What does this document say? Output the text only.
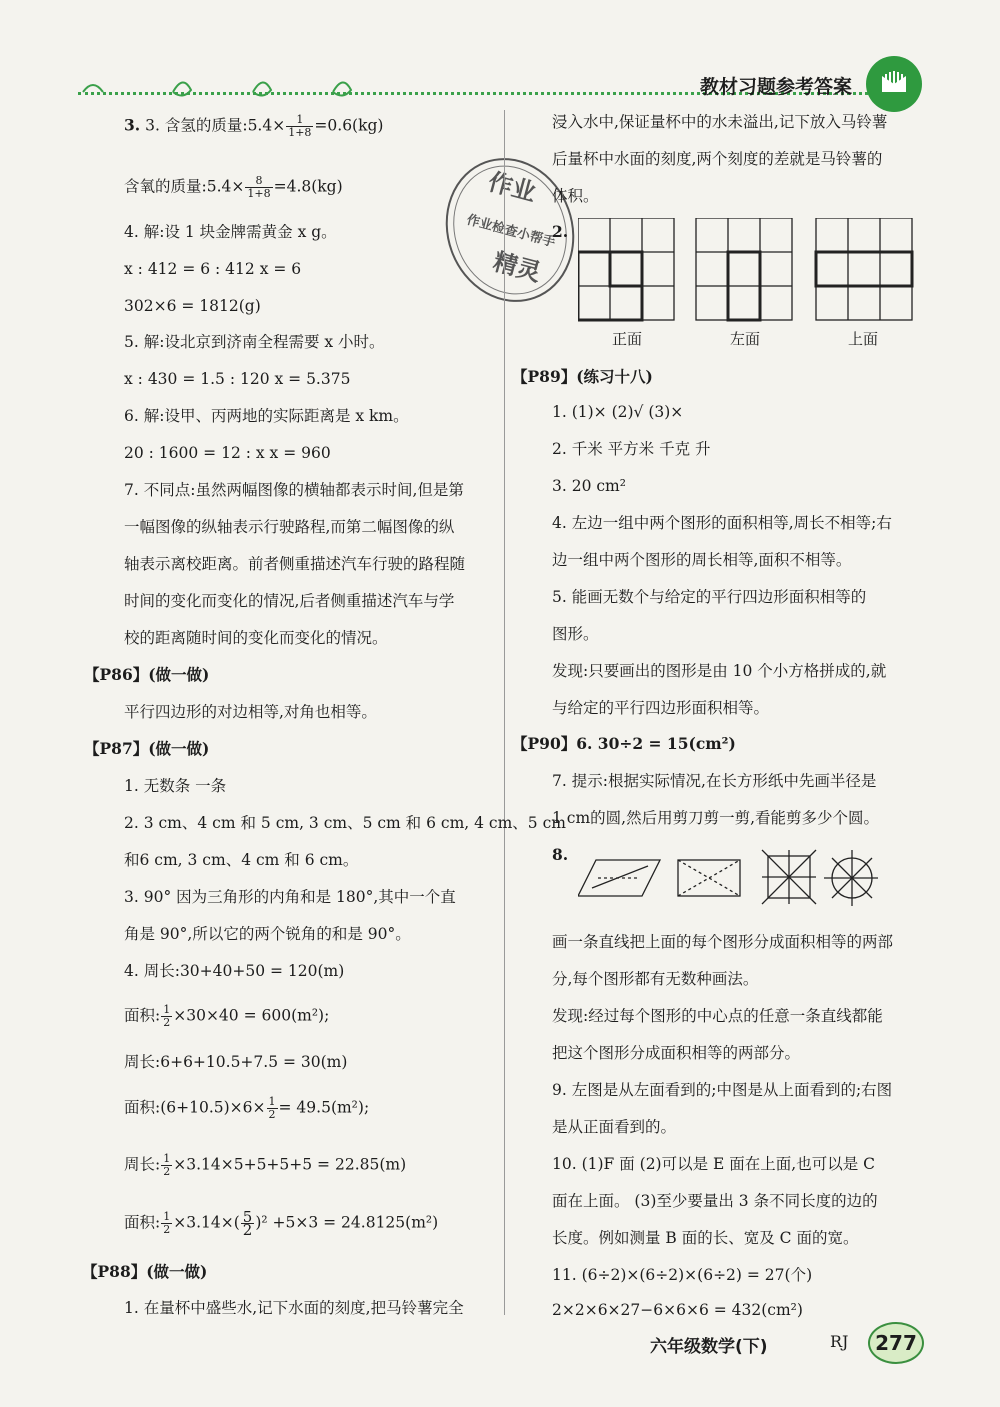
教材习题参考答案
作业
作业检查小帮手
精灵
3. 3. 含氢的质量:5.4× $\frac{1}{1+8} =0.6(kg)$
含氧的质量:5.4× $\frac{8}{1+8} =4.8(kg)$
4. 解:设 1 块金牌需黄金 x g。
x : 412 = 6 : 412 x = 6
302×6 = 1812(g)
5. 解:设北京到济南全程需要 x 小时。
x : 430 = 1.5 : 120 x = 5.375
6. 解:设甲、丙两地的实际距离是 x km。
20 : 1600 = 12 : x x = 960
7. 不同点:虽然两幅图像的横轴都表示时间,但是第
一幅图像的纵轴表示行驶路程,而第二幅图像的纵
轴表示离校距离。前者侧重描述汽车行驶的路程随
时间的变化而变化的情况,后者侧重描述汽车与学
校的距离随时间的变化而变化的情况。
【P86】(做一做)
平行四边形的对边相等,对角也相等。
【P87】(做一做)
1. 无数条 一条
2. 3 cm、4 cm 和 5 cm, 3 cm、5 cm 和 6 cm, 4 cm、5 cm
和6 cm, 3 cm、4 cm 和 6 cm。
3. 90° 因为三角形的内角和是 180°,其中一个直
角是 90°,所以它的两个锐角的和是 90°。
4. 周长:30+40+50 = 120(m)
面积: $\frac{1}{2} \times 30\times 40 = 600(m^2)$;
周长:6+6+10.5+7.5 = 30(m)
面积:(6+10.5)×6× $\frac{1}{2} = 49.5(m^2)$;
周长: $\frac{1}{2} \times 3.14\times 5+5+5+5 = 22.85(m)$
面积: $\frac{1}{2} \times 3.14\times( \frac{5}{2} )^2 +5\times 3 = 24.8125(m^2)$
【P88】(做一做)
1. 在量杯中盛些水,记下水面的刻度,把马铃薯完全
浸入水中,保证量杯中的水未溢出,记下放入马铃薯
后量杯中水面的刻度,两个刻度的差就是马铃薯的
体积。
2.
正面	左面	上面
【P89】(练习十八)
1. (1)× (2)√ (3)×
2. 千米 平方米 千克 升
3. 20 cm²
4. 左边一组中两个图形的面积相等,周长不相等;右
边一组中两个图形的周长相等,面积不相等。
5. 能画无数个与给定的平行四边形面积相等的
图形。
发现:只要画出的图形是由 10 个小方格拼成的,就
与给定的平行四边形面积相等。
【P90】6. 30÷2 = 15(cm²)
7. 提示:根据实际情况,在长方形纸中先画半径是
1 cm的圆,然后用剪刀剪一剪,看能剪多少个圆。
8.
画一条直线把上面的每个图形分成面积相等的两部
分,每个图形都有无数种画法。
发现:经过每个图形的中心点的任意一条直线都能
把这个图形分成面积相等的两部分。
9. 左图是从左面看到的;中图是从上面看到的;右图
是从正面看到的。
10. (1)F 面 (2)可以是 E 面在上面,也可以是 C
面在上面。 (3)至少要量出 3 条不同长度的边的
长度。例如测量 B 面的长、宽及 C 面的宽。
11. (6÷2)×(6÷2)×(6÷2) = 27(个)
2×2×6×27−6×6×6 = 432(cm²)
六年级数学(下)	RJ	277
